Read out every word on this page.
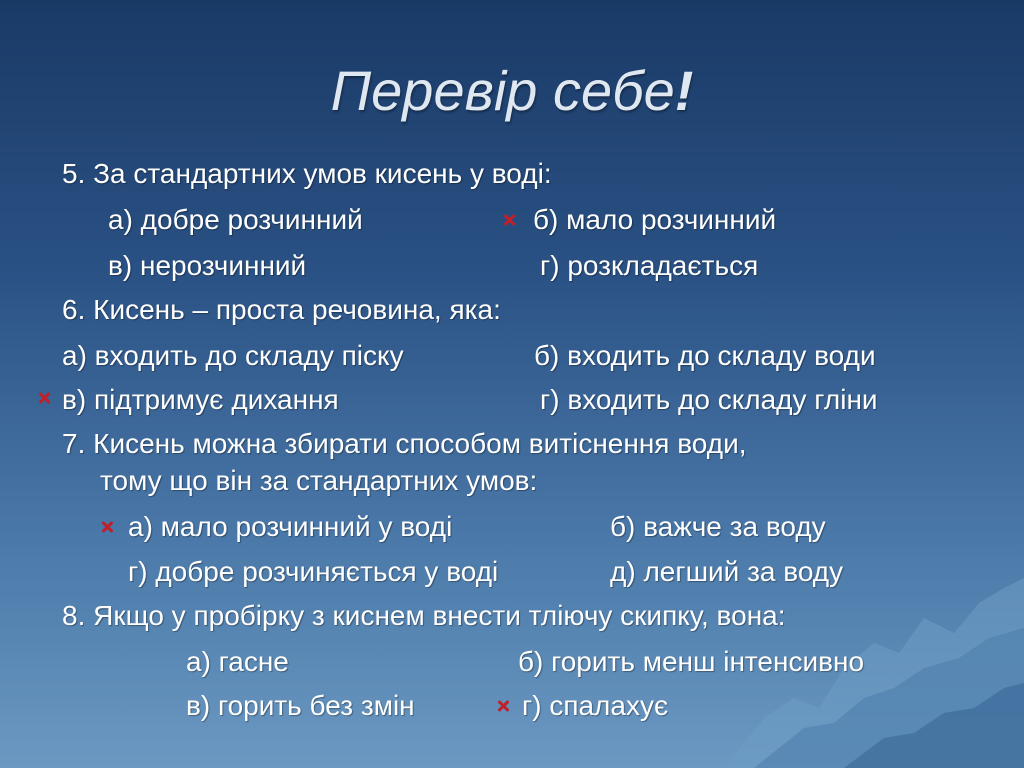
Перевір себе!
5. За стандартних умов кисень у воді:
а) добре розчинний	б) мало розчинний
в) нерозчинний	г) розкладається
6. Кисень – проста речовина, яка:
а) входить до складу піску	б) входить до складу води
в) підтримує дихання	г) входить до складу гліни
7. Кисень можна збирати способом витіснення води,
тому що він за стандартних умов:
а) мало розчинний у воді	б) важче за воду
г) добре розчиняється у воді	д) легший за воду
8. Якщо у пробірку з киснем внести тліючу скипку, вона:
а) гасне	б) горить менш інтенсивно
в) горить без змін	г) спалахує
